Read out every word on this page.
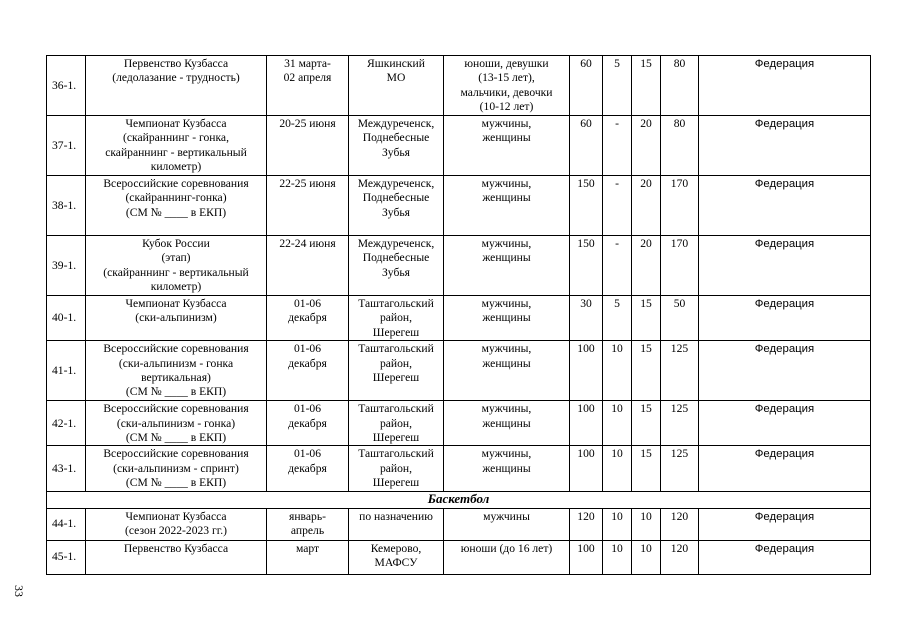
36-1.	Первенство Кузбасса
(ледолазание - трудность)	31 марта-
02 апреля	Яшкинский
МО	юноши, девушки
(13-15 лет),
мальчики, девочки
(10-12 лет)	60	5	15	80	Федерация
37-1.	Чемпионат Кузбасса
(скайраннинг - гонка,
скайраннинг - вертикальный
километр)	20-25 июня	Междуреченск,
Поднебесные
Зубья	мужчины,
женщины	60	-	20	80	Федерация
38-1.	Всероссийские соревнования
(скайраннинг-гонка)
(СМ № ____ в ЕКП)	22-25 июня	Междуреченск,
Поднебесные
Зубья	мужчины,
женщины	150	-	20	170	Федерация
39-1.	Кубок России
(этап)
(скайраннинг - вертикальный
километр)	22-24 июня	Междуреченск,
Поднебесные
Зубья	мужчины,
женщины	150	-	20	170	Федерация
40-1.	Чемпионат Кузбасса
(ски-альпинизм)	01-06
декабря	Таштагольский
район,
Шерегеш	мужчины,
женщины	30	5	15	50	Федерация
41-1.	Всероссийские соревнования
(ски-альпинизм - гонка
вертикальная)
(СМ № ____ в ЕКП)	01-06
декабря	Таштагольский
район,
Шерегеш	мужчины,
женщины	100	10	15	125	Федерация
42-1.	Всероссийские соревнования
(ски-альпинизм - гонка)
(СМ № ____ в ЕКП)	01-06
декабря	Таштагольский
район,
Шерегеш	мужчины,
женщины	100	10	15	125	Федерация
43-1.	Всероссийские соревнования
(ски-альпинизм - спринт)
(СМ № ____ в ЕКП)	01-06
декабря	Таштагольский
район,
Шерегеш	мужчины,
женщины	100	10	15	125	Федерация
Баскетбол									
44-1.	Чемпионат Кузбасса
(сезон 2022-2023 гг.)	январь-
апрель	по назначению	мужчины	120	10	10	120	Федерация
45-1.	Первенство Кузбасса	март	Кемерово,
МАФСУ	юноши (до 16 лет)	100	10	10	120	Федерация
33
